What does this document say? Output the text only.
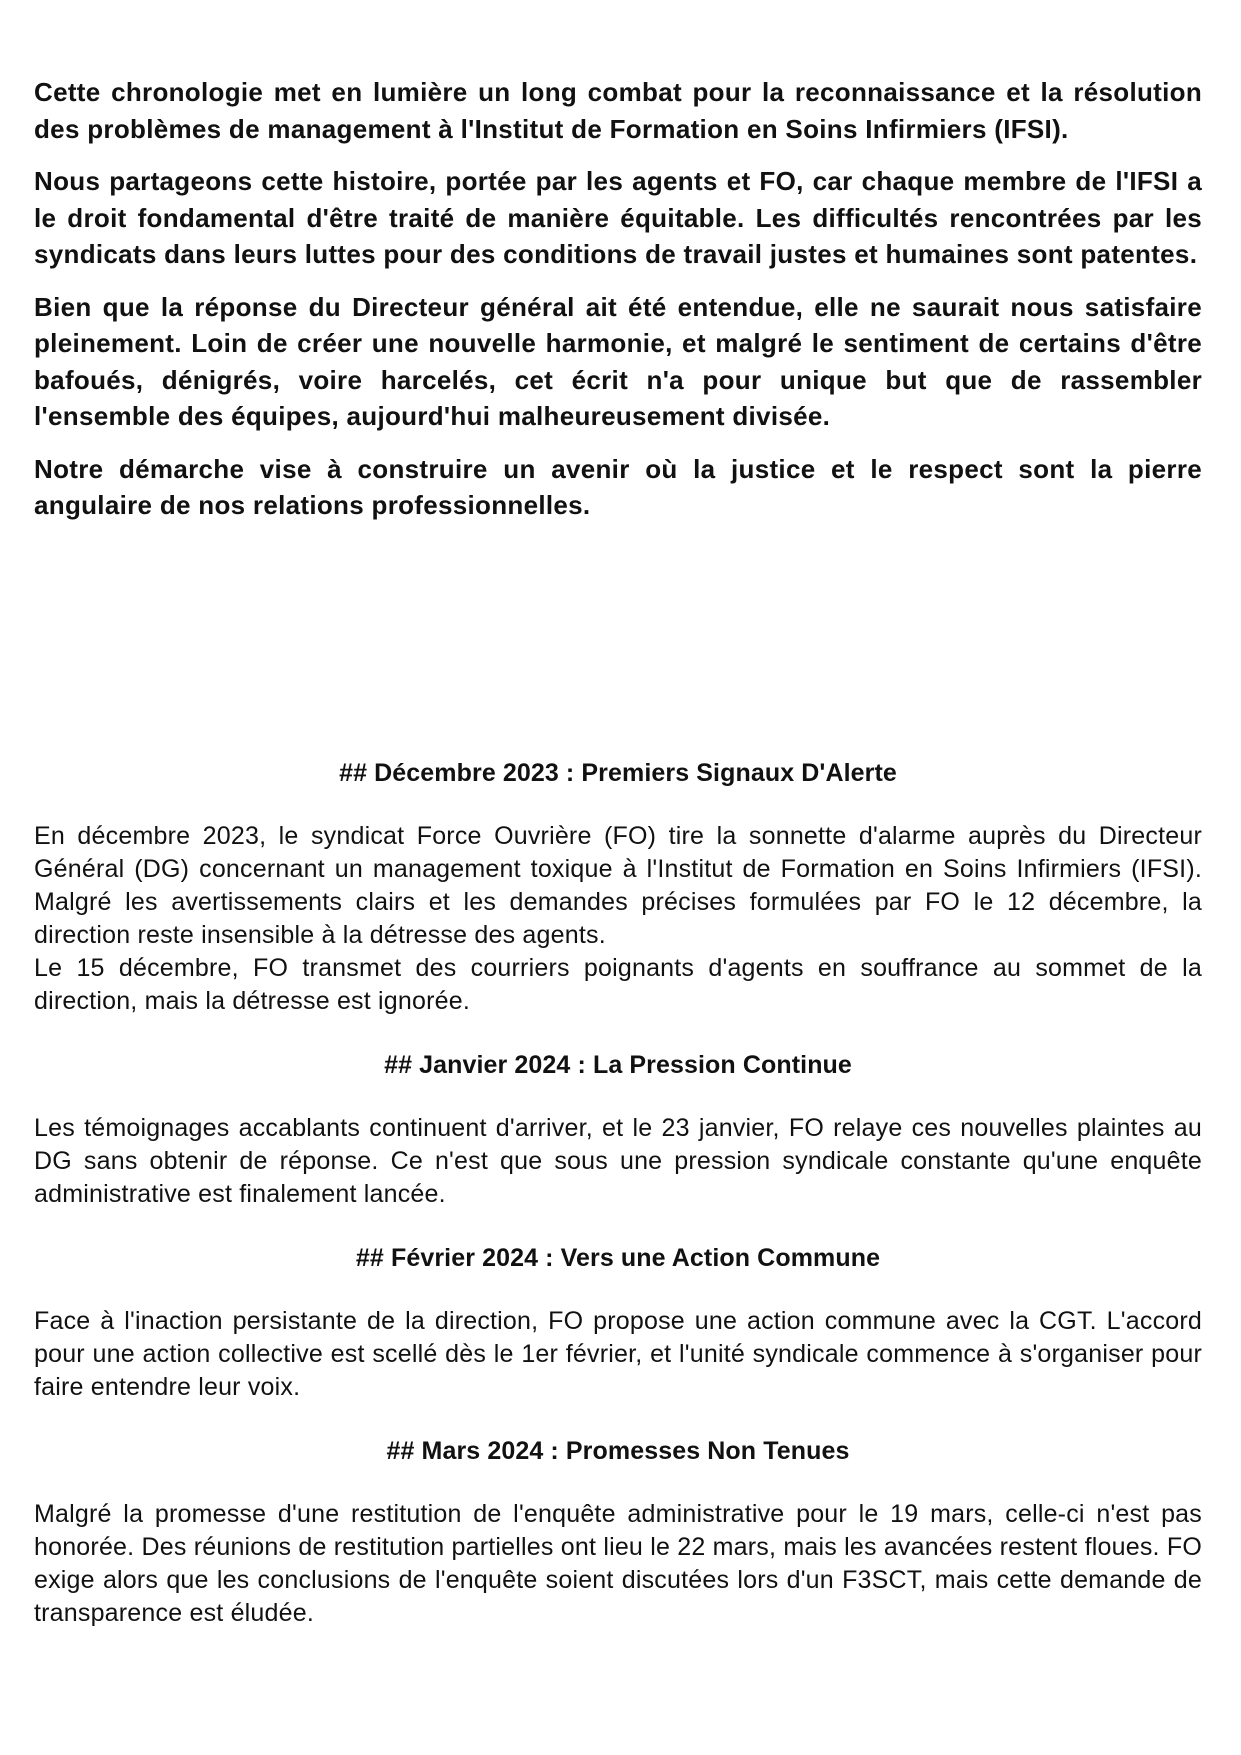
Cette chronologie met en lumière un long combat pour la reconnaissance et la résolution des problèmes de management à l'Institut de Formation en Soins Infirmiers (IFSI).

Nous partageons cette histoire, portée par les agents et FO, car chaque membre de l'IFSI a le droit fondamental d'être traité de manière équitable. Les difficultés rencontrées par les syndicats dans leurs luttes pour des conditions de travail justes et humaines sont patentes.

Bien que la réponse du Directeur général ait été entendue, elle ne saurait nous satisfaire pleinement. Loin de créer une nouvelle harmonie, et malgré le sentiment de certains d'être bafoués, dénigrés, voire harcelés, cet écrit n'a pour unique but que de rassembler l'ensemble des équipes, aujourd'hui malheureusement divisée.

Notre démarche vise à construire un avenir où la justice et le respect sont la pierre angulaire de nos relations professionnelles.

## Décembre 2023 : Premiers Signaux D'Alerte

En décembre 2023, le syndicat Force Ouvrière (FO) tire la sonnette d'alarme auprès du Directeur Général (DG) concernant un management toxique à l'Institut de Formation en Soins Infirmiers (IFSI). Malgré les avertissements clairs et les demandes précises formulées par FO le 12 décembre, la direction reste insensible à la détresse des agents.

Le 15 décembre, FO transmet des courriers poignants d'agents en souffrance au sommet de la direction, mais la détresse est ignorée.

## Janvier 2024 : La Pression Continue

Les témoignages accablants continuent d'arriver, et le 23 janvier, FO relaye ces nouvelles plaintes au DG sans obtenir de réponse. Ce n'est que sous une pression syndicale constante qu'une enquête administrative est finalement lancée.

## Février 2024 : Vers une Action Commune

Face à l'inaction persistante de la direction, FO propose une action commune avec la CGT. L'accord pour une action collective est scellé dès le 1er février, et l'unité syndicale commence à s'organiser pour faire entendre leur voix.

## Mars 2024 : Promesses Non Tenues

Malgré la promesse d'une restitution de l'enquête administrative pour le 19 mars, celle-ci n'est pas honorée. Des réunions de restitution partielles ont lieu le 22 mars, mais les avancées restent floues. FO exige alors que les conclusions de l'enquête soient discutées lors d'un F3SCT, mais cette demande de transparence est éludée.
